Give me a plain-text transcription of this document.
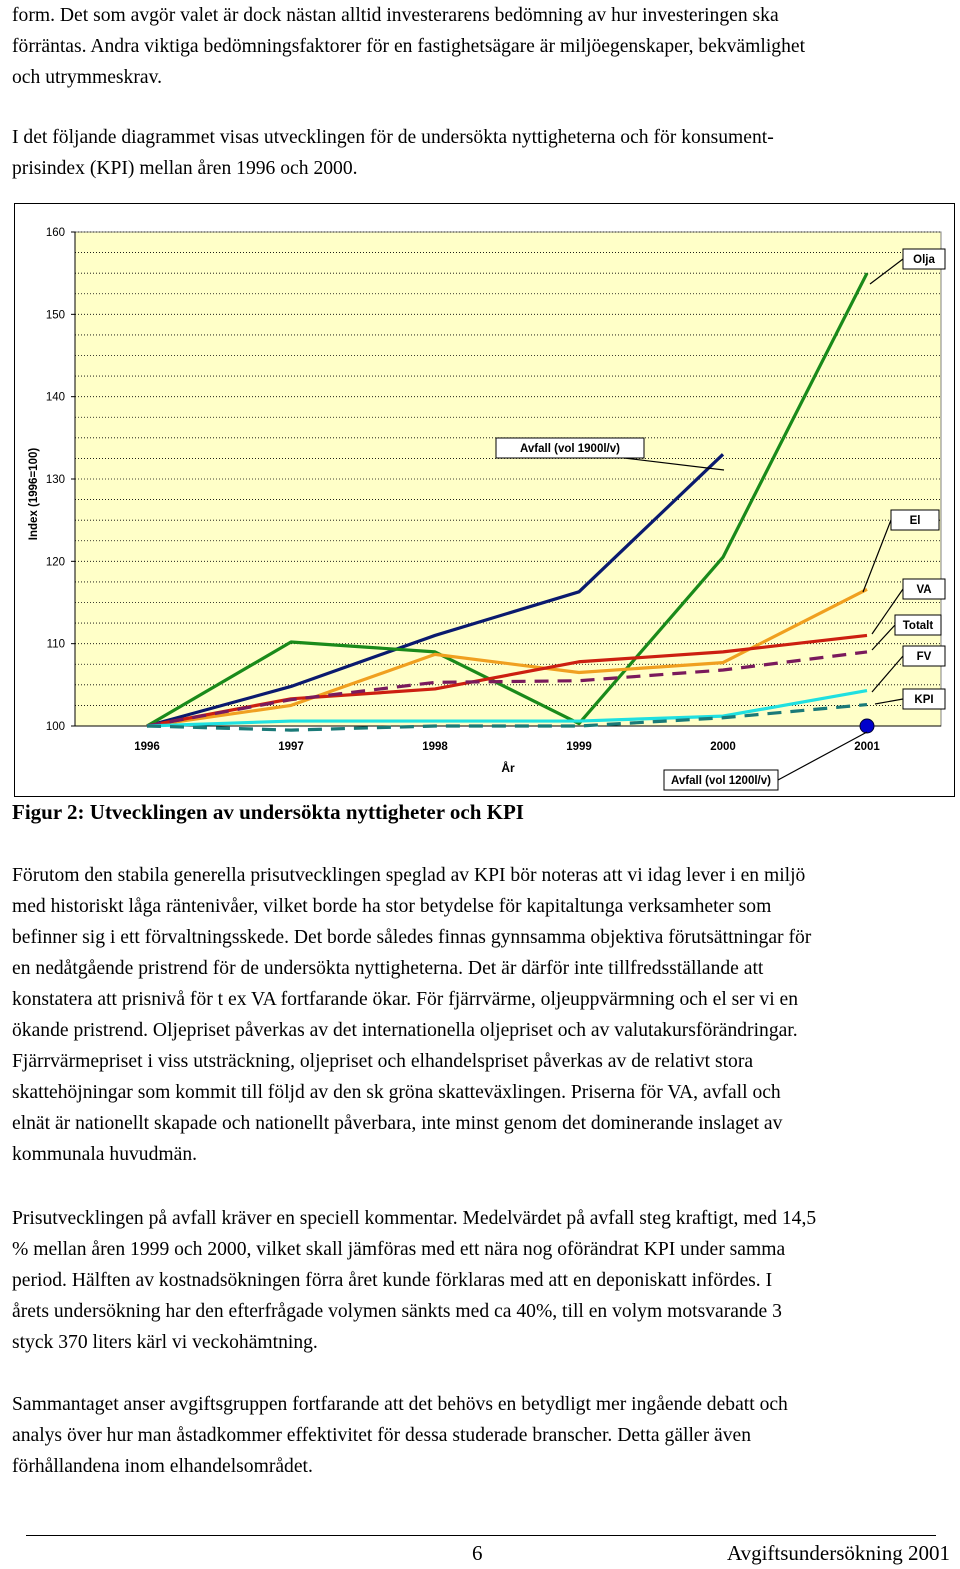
form. Det som avgör valet är dock nästan alltid investerarens bedömning av hur investeringen ska
förräntas. Andra viktiga bedömningsfaktorer för en fastighetsägare är miljöegenskaper, bekvämlighet
och utrymmeskrav.
I det följande diagrammet visas utvecklingen för de undersökta nyttigheterna och för konsument-
prisindex (KPI) mellan åren 1996 och 2000.
100
110
120
130
140
150
160
1996	1997	1998	1999	2000	2001
År
Index (1996=100)
Olja
Avfall (vol 1900l/v)
El
VA
Totalt
FV
KPI
Avfall (vol 1200l/v)
Figur 2: Utvecklingen av undersökta nyttigheter och KPI
Förutom den stabila generella prisutvecklingen speglad av KPI bör noteras att vi idag lever i en miljö
med historiskt låga räntenivåer, vilket borde ha stor betydelse för kapitaltunga verksamheter som
befinner sig i ett förvaltningsskede. Det borde således finnas gynnsamma objektiva förutsättningar för
en nedåtgående pristrend för de undersökta nyttigheterna. Det är därför inte tillfredsställande att
konstatera att prisnivå för t ex VA fortfarande ökar. För fjärrvärme, oljeuppvärmning och el ser vi en
ökande pristrend. Oljepriset påverkas av det internationella oljepriset och av valutakursförändringar.
Fjärrvärmepriset i viss utsträckning, oljepriset och elhandelspriset påverkas av de relativt stora
skattehöjningar som kommit till följd av den sk gröna skatteväxlingen. Priserna för VA, avfall och
elnät är nationellt skapade och nationellt påverbara, inte minst genom det dominerande inslaget av
kommunala huvudmän.
Prisutvecklingen på avfall kräver en speciell kommentar. Medelvärdet på avfall steg kraftigt, med 14,5
% mellan åren 1999 och 2000, vilket skall jämföras med ett nära nog oförändrat KPI under samma
period. Hälften av kostnadsökningen förra året kunde förklaras med att en deponiskatt infördes. I
årets undersökning har den efterfrågade volymen sänkts med ca 40%, till en volym motsvarande 3
styck 370 liters kärl vi veckohämtning.
Sammantaget anser avgiftsgruppen fortfarande att det behövs en betydligt mer ingående debatt och
analys över hur man åstadkommer effektivitet för dessa studerade branscher. Detta gäller även
förhållandena inom elhandelsområdet.
6	Avgiftsundersökning 2001
